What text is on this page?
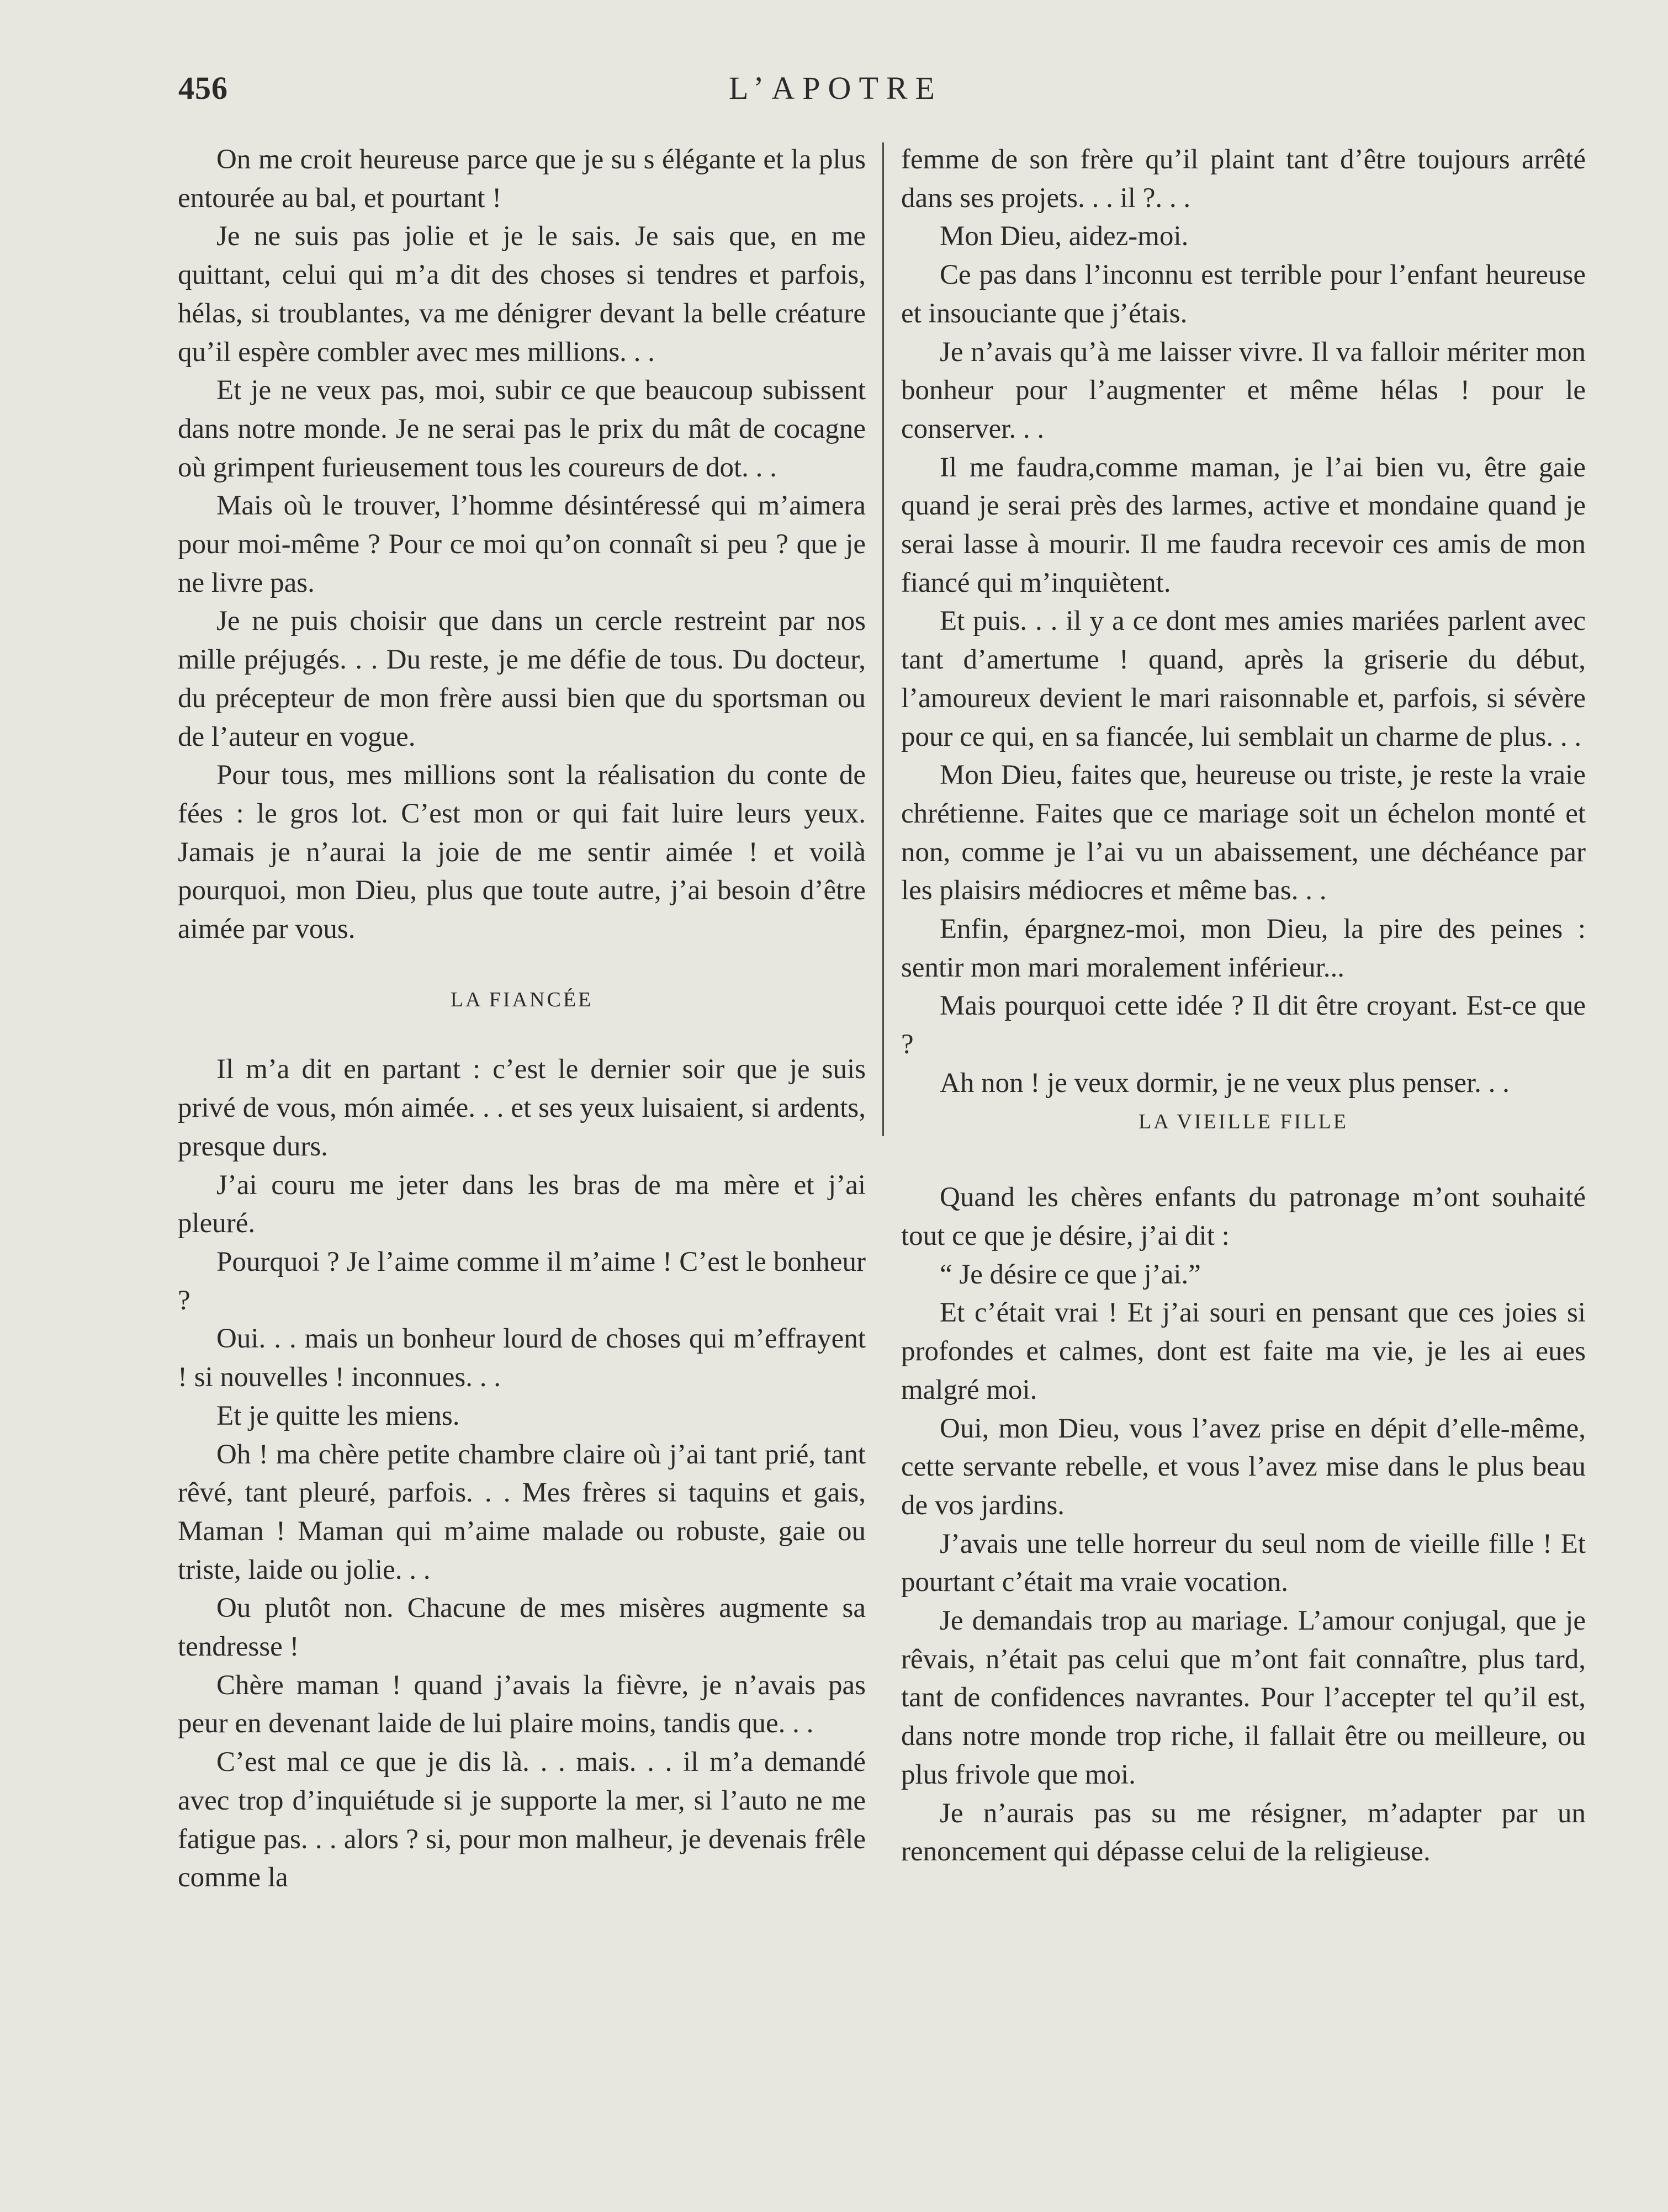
456	L’APOTRE

On me croit heureuse parce que je su s élégante et la plus entourée au bal, et pourtant !

Je ne suis pas jolie et je le sais. Je sais que, en me quittant, celui qui m’a dit des choses si tendres et parfois, hélas, si troublantes, va me dénigrer devant la belle créature qu’il espère combler avec mes millions. . .

Et je ne veux pas, moi, subir ce que beaucoup subissent dans notre monde. Je ne serai pas le prix du mât de cocagne où grimpent furieusement tous les coureurs de dot. . .

Mais où le trouver, l’homme désintéressé qui m’aimera pour moi-même ? Pour ce moi qu’on connaît si peu ? que je ne livre pas.

Je ne puis choisir que dans un cercle restreint par nos mille préjugés. . . Du reste, je me défie de tous. Du docteur, du précepteur de mon frère aussi bien que du sportsman ou de l’auteur en vogue.

Pour tous, mes millions sont la réalisation du conte de fées : le gros lot. C’est mon or qui fait luire leurs yeux. Jamais je n’aurai la joie de me sentir aimée ! et voilà pourquoi, mon Dieu, plus que toute autre, j’ai besoin d’être aimée par vous.

LA FIANCÉE

Il m’a dit en partant : c’est le dernier soir que je suis privé de vous, món aimée. . . et ses yeux luisaient, si ardents, presque durs.

J’ai couru me jeter dans les bras de ma mère et j’ai pleuré.

Pourquoi ? Je l’aime comme il m’aime ! C’est le bonheur ?

Oui. . . mais un bonheur lourd de choses qui m’effrayent ! si nouvelles ! inconnues. . .

Et je quitte les miens.

Oh ! ma chère petite chambre claire où j’ai tant prié, tant rêvé, tant pleuré, parfois. . . Mes frères si taquins et gais, Maman ! Maman qui m’aime malade ou robuste, gaie ou triste, laide ou jolie. . .

Ou plutôt non. Chacune de mes misères augmente sa tendresse !

Chère maman ! quand j’avais la fièvre, je n’avais pas peur en devenant laide de lui plaire moins, tandis que. . .

C’est mal ce que je dis là. . . mais. . . il m’a demandé avec trop d’inquiétude si je supporte la mer, si l’auto ne me fatigue pas. . . alors ? si, pour mon malheur, je devenais frêle comme la

femme de son frère qu’il plaint tant d’être toujours arrêté dans ses projets. . . il ?. . .

Mon Dieu, aidez-moi.

Ce pas dans l’inconnu est terrible pour l’enfant heureuse et insouciante que j’étais.

Je n’avais qu’à me laisser vivre. Il va falloir mériter mon bonheur pour l’augmenter et même hélas ! pour le conserver. . .

Il me faudra,comme maman, je l’ai bien vu, être gaie quand je serai près des larmes, active et mondaine quand je serai lasse à mourir. Il me faudra recevoir ces amis de mon fiancé qui m’inquiètent.

Et puis. . . il y a ce dont mes amies mariées parlent avec tant d’amertume ! quand, après la griserie du début, l’amoureux devient le mari raisonnable et, parfois, si sévère pour ce qui, en sa fiancée, lui semblait un charme de plus. . .

Mon Dieu, faites que, heureuse ou triste, je reste la vraie chrétienne. Faites que ce mariage soit un échelon monté et non, comme je l’ai vu un abaissement, une déchéance par les plaisirs médiocres et même bas. . .

Enfin, épargnez-moi, mon Dieu, la pire des peines : sentir mon mari moralement inférieur...

Mais pourquoi cette idée ? Il dit être croyant. Est-ce que ?

Ah non ! je veux dormir, je ne veux plus penser. . .

LA VIEILLE FILLE

Quand les chères enfants du patronage m’ont souhaité tout ce que je désire, j’ai dit :

“ Je désire ce que j’ai.”

Et c’était vrai ! Et j’ai souri en pensant que ces joies si profondes et calmes, dont est faite ma vie, je les ai eues malgré moi.

Oui, mon Dieu, vous l’avez prise en dépit d’elle-même, cette servante rebelle, et vous l’avez mise dans le plus beau de vos jardins.

J’avais une telle horreur du seul nom de vieille fille ! Et pourtant c’était ma vraie vocation.

Je demandais trop au mariage. L’amour conjugal, que je rêvais, n’était pas celui que m’ont fait connaître, plus tard, tant de confidences navrantes. Pour l’accepter tel qu’il est, dans notre monde trop riche, il fallait être ou meilleure, ou plus frivole que moi.

Je n’aurais pas su me résigner, m’adapter par un renoncement qui dépasse celui de la religieuse.
